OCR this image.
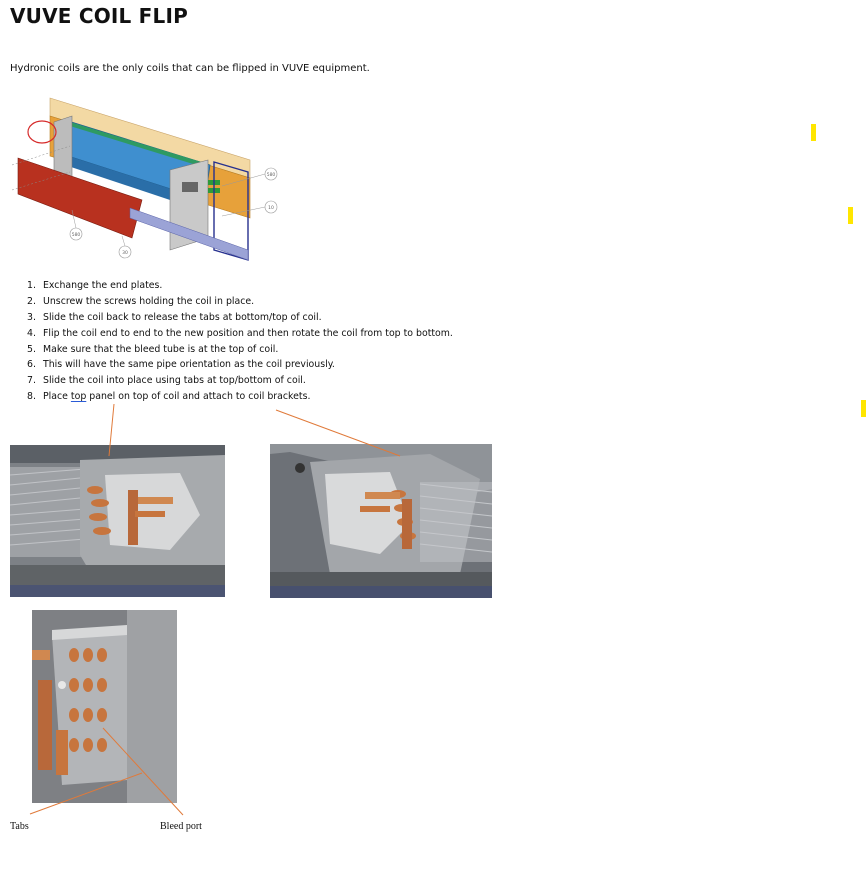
VUVE COIL FLIP
Hydronic coils are the only coils that can be flipped in VUVE equipment.
580
10
580
30
1. Exchange the end plates.
2. Unscrew the screws holding the coil in place.
3. Slide the coil back to release the tabs at bottom/top of coil.
4. Flip the coil end to end to the new position and then rotate the coil from top to bottom.
5. Make sure that the bleed tube is at the top of coil.
6. This will have the same pipe orientation as the coil previously.
7. Slide the coil into place using tabs at top/bottom of coil.
8. Place top panel on top of coil and attach to coil brackets.
Tabs	Bleed port
